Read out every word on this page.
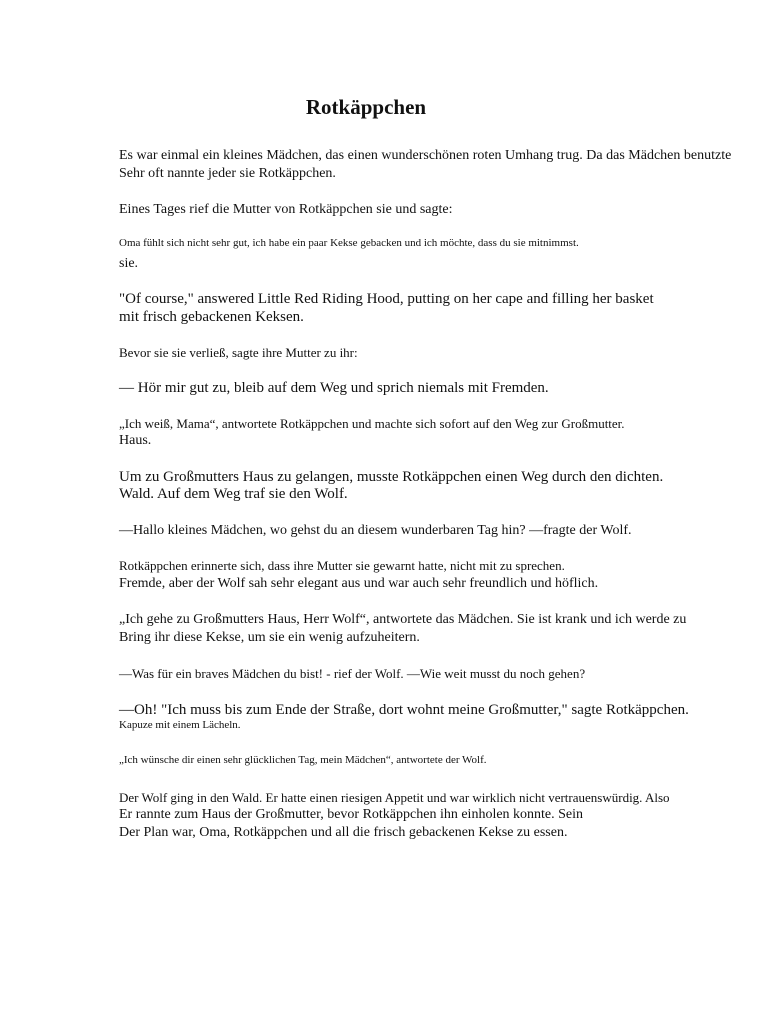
Rotkäppchen
Es war einmal ein kleines Mädchen, das einen wunderschönen roten Umhang trug. Da das Mädchen benutzte
Sehr oft nannte jeder sie Rotkäppchen.
Eines Tages rief die Mutter von Rotkäppchen sie und sagte:
Oma fühlt sich nicht sehr gut, ich habe ein paar Kekse gebacken und ich möchte, dass du sie mitnimmst.
sie.
"Of course," answered Little Red Riding Hood, putting on her cape and filling her basket
mit frisch gebackenen Keksen.
Bevor sie sie verließ, sagte ihre Mutter zu ihr:
— Hör mir gut zu, bleib auf dem Weg und sprich niemals mit Fremden.
„Ich weiß, Mama“, antwortete Rotkäppchen und machte sich sofort auf den Weg zur Großmutter.
Haus.
Um zu Großmutters Haus zu gelangen, musste Rotkäppchen einen Weg durch den dichten.
Wald. Auf dem Weg traf sie den Wolf.
—Hallo kleines Mädchen, wo gehst du an diesem wunderbaren Tag hin? —fragte der Wolf.
Rotkäppchen erinnerte sich, dass ihre Mutter sie gewarnt hatte, nicht mit zu sprechen.
Fremde, aber der Wolf sah sehr elegant aus und war auch sehr freundlich und höflich.
„Ich gehe zu Großmutters Haus, Herr Wolf“, antwortete das Mädchen. Sie ist krank und ich werde zu
Bring ihr diese Kekse, um sie ein wenig aufzuheitern.
—Was für ein braves Mädchen du bist! - rief der Wolf. —Wie weit musst du noch gehen?
—Oh! "Ich muss bis zum Ende der Straße, dort wohnt meine Großmutter," sagte Rotkäppchen.
Kapuze mit einem Lächeln.
„Ich wünsche dir einen sehr glücklichen Tag, mein Mädchen“, antwortete der Wolf.
Der Wolf ging in den Wald. Er hatte einen riesigen Appetit und war wirklich nicht vertrauenswürdig. Also
Er rannte zum Haus der Großmutter, bevor Rotkäppchen ihn einholen konnte. Sein
Der Plan war, Oma, Rotkäppchen und all die frisch gebackenen Kekse zu essen.
